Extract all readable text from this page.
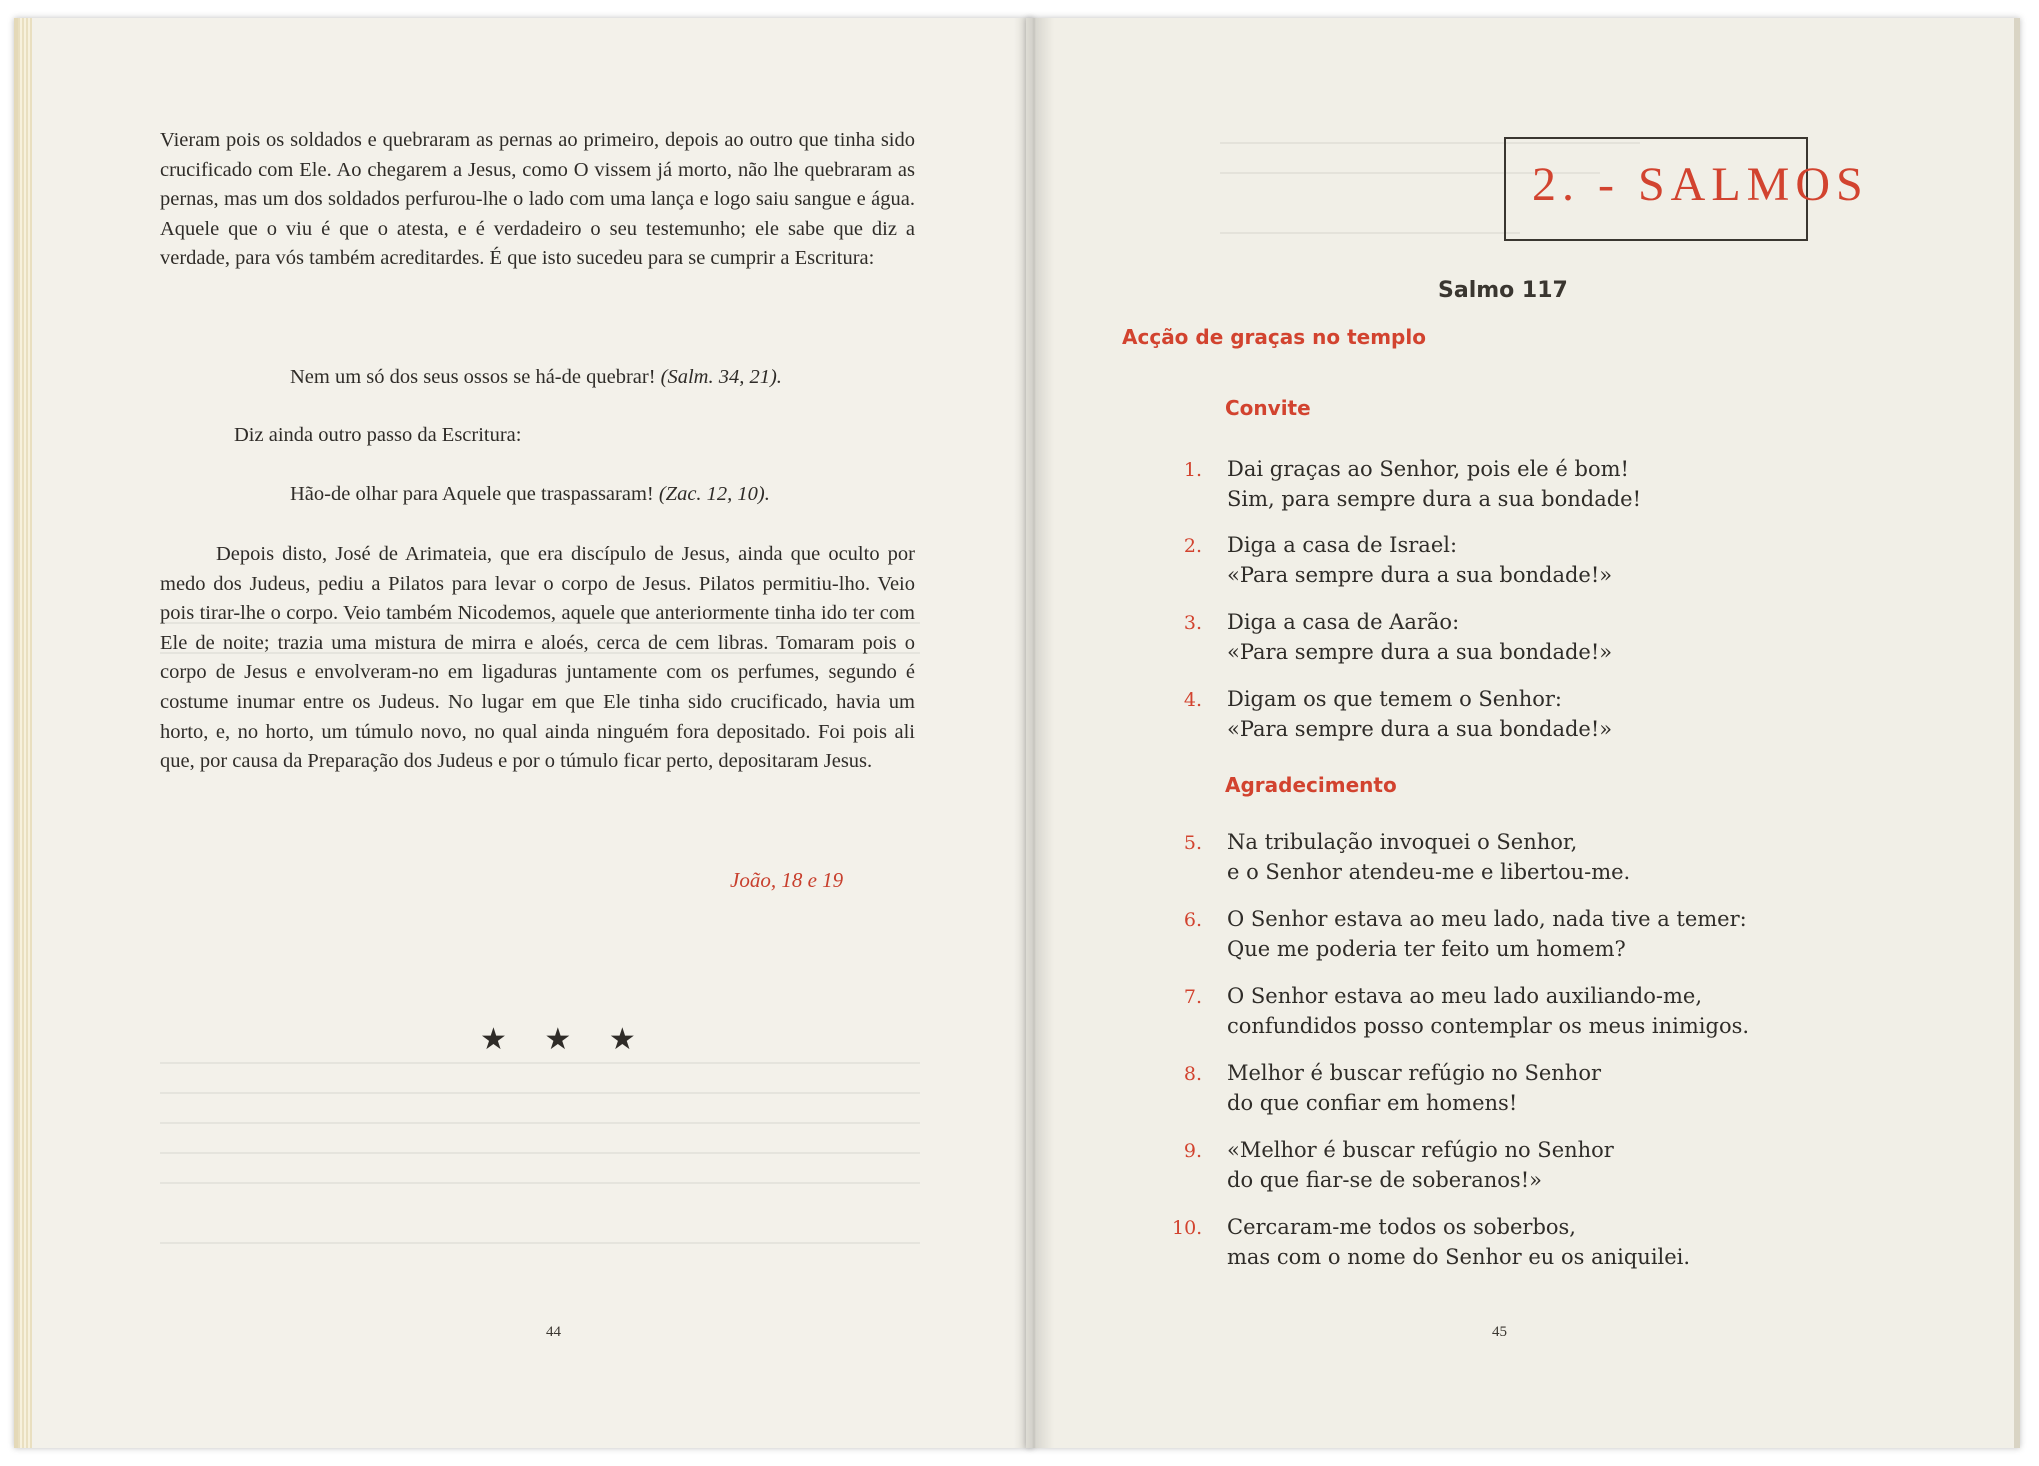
Vieram pois os soldados e quebraram as pernas ao primeiro, depois ao outro que tinha sido crucificado com Ele. Ao chegarem a Jesus, como O vissem já morto, não lhe quebraram as pernas, mas um dos soldados perfurou-lhe o lado com uma lança e logo saiu sangue e água. Aquele que o viu é que o atesta, e é verdadeiro o seu testemunho; ele sabe que diz a verdade, para vós também acreditardes. É que isto sucedeu para se cumprir a Escritura:

Nem um só dos seus ossos se há-de quebrar! (Salm. 34, 21).
Diz ainda outro passo da Escritura:
Hão-de olhar para Aquele que traspassaram! (Zac. 12, 10).

Depois disto, José de Arimateia, que era discípulo de Jesus, ainda que oculto por medo dos Judeus, pediu a Pilatos para levar o corpo de Jesus. Pilatos permitiu-lho. Veio pois tirar-lhe o corpo. Veio também Nicodemos, aquele que anteriormente tinha ido ter com Ele de noite; trazia uma mistura de mirra e aloés, cerca de cem libras. Tomaram pois o corpo de Jesus e envolveram-no em ligaduras juntamente com os perfumes, segundo é costume inumar entre os Judeus. No lugar em que Ele tinha sido crucificado, havia um horto, e, no horto, um túmulo novo, no qual ainda ninguém fora depositado. Foi pois ali que, por causa da Preparação dos Judeus e por o túmulo ficar perto, depositaram Jesus.

João, 18 e 19
★ ★ ★
44
2. - SALMOS
Salmo 117
Acção de graças no templo
Convite
1. Dai graças ao Senhor, pois ele é bom!
Sim, para sempre dura a sua bondade!
2. Diga a casa de Israel:
«Para sempre dura a sua bondade!»
3. Diga a casa de Aarão:
«Para sempre dura a sua bondade!»
4. Digam os que temem o Senhor:
«Para sempre dura a sua bondade!»
Agradecimento
5. Na tribulação invoquei o Senhor,
e o Senhor atendeu-me e libertou-me.
6. O Senhor estava ao meu lado, nada tive a temer:
Que me poderia ter feito um homem?
7. O Senhor estava ao meu lado auxiliando-me,
confundidos posso contemplar os meus inimigos.
8. Melhor é buscar refúgio no Senhor
do que confiar em homens!
9. «Melhor é buscar refúgio no Senhor
do que fiar-se de soberanos!»
10. Cercaram-me todos os soberbos,
mas com o nome do Senhor eu os aniquilei.
45
